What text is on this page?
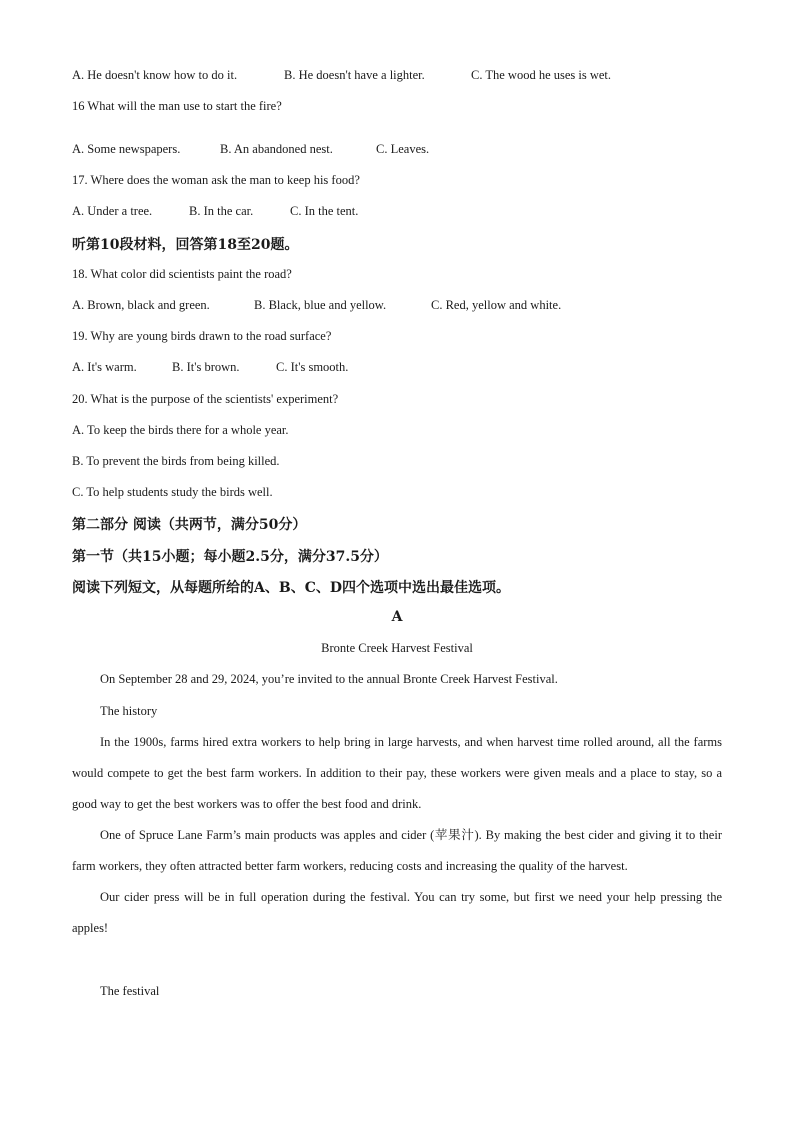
A. He doesn't know how to do it.	B. He doesn't have a lighter.	C. The wood he uses is wet.
16 What will the man use to start the fire?
A. Some newspapers.	B. An abandoned nest.	C. Leaves.
17. Where does the woman ask the man to keep his food?
A. Under a tree.	B. In the car.	C. In the tent.
听第10段材料，回答第18至20题。
18. What color did scientists paint the road?
A. Brown, black and green.	B. Black, blue and yellow.	C. Red, yellow and white.
19. Why are young birds drawn to the road surface?
A. It's warm.	B. It's brown.	C. It's smooth.
20. What is the purpose of the scientists' experiment?
A. To keep the birds there for a whole year.
B. To prevent the birds from being killed.
C. To help students study the birds well.
第二部分 阅读（共两节，满分50分）
第一节（共15小题；每小题2.5分，满分37.5分）
阅读下列短文，从每题所给的A、B、C、D四个选项中选出最佳选项。
A
Bronte Creek Harvest Festival
On September 28 and 29, 2024, you’re invited to the annual Bronte Creek Harvest Festival.
The history

In the 1900s, farms hired extra workers to help bring in large harvests, and when harvest time rolled around, all the farms would compete to get the best farm workers. In addition to their pay, these workers were given meals and a place to stay, so a good way to get the best workers was to offer the best food and drink.

One of Spruce Lane Farm’s main products was apples and cider (苹果汁). By making the best cider and giving it to their farm workers, they often attracted better farm workers, reducing costs and increasing the quality of the harvest.

Our cider press will be in full operation during the festival. You can try some, but first we need your help pressing the apples!

The festival
